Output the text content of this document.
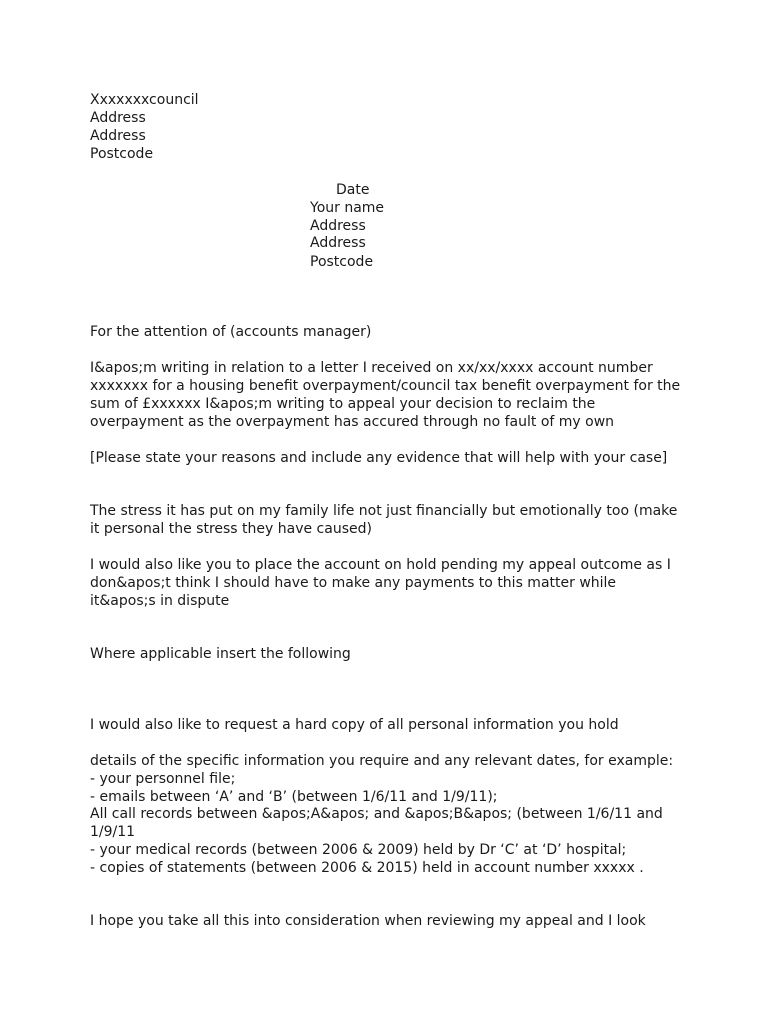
Xxxxxxxcouncil
Address
Address
Postcode
Date
Your name
Address
Address
Postcode
For the attention of (accounts manager)
I&apos;m writing in relation to a letter I received on xx/xx/xxxx account number
xxxxxxx for a housing benefit overpayment/council tax benefit overpayment for the
sum of £xxxxxx I&apos;m writing to appeal your decision to reclaim the
overpayment as the overpayment has accured through no fault of my own
[Please state your reasons and include any evidence that will help with your case]
The stress it has put on my family life not just financially but emotionally too (make
it personal the stress they have caused)
I would also like you to place the account on hold pending my appeal outcome as I
don&apos;t think I should have to make any payments to this matter while
it&apos;s in dispute
Where applicable insert the following
I would also like to request a hard copy of all personal information you hold
details of the specific information you require and any relevant dates, for example:
- your personnel file;
- emails between ‘A’ and ‘B’ (between 1/6/11 and 1/9/11);
All call records between &apos;A&apos; and &apos;B&apos; (between 1/6/11 and
1/9/11
- your medical records (between 2006 & 2009) held by Dr ‘C’ at ‘D’ hospital;
- copies of statements (between 2006 & 2015) held in account number xxxxx .
I hope you take all this into consideration when reviewing my appeal and I look
